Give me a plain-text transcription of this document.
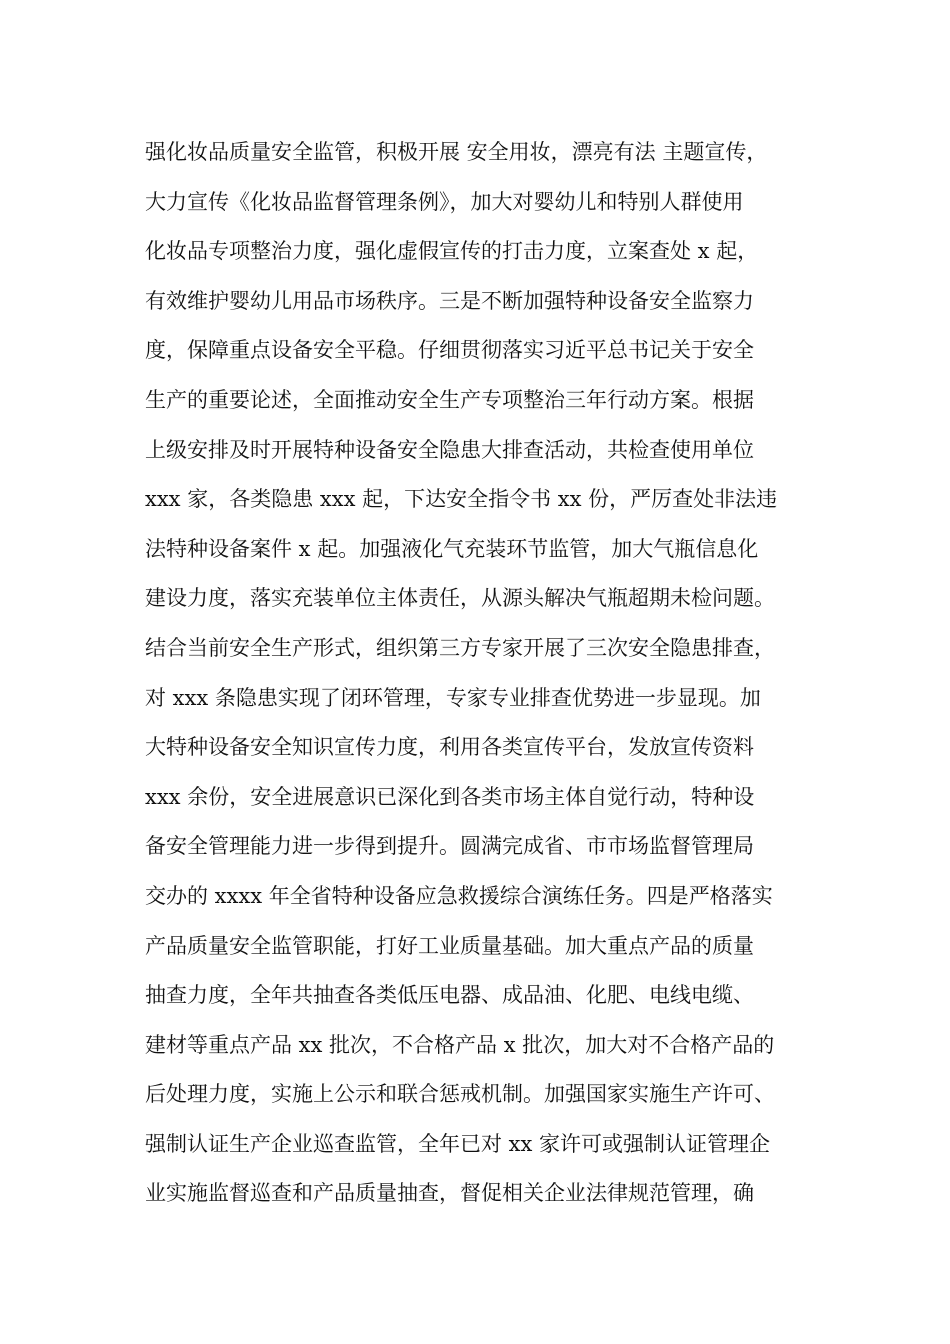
强化妆品质量安全监管，积极开展 安全用妆，漂亮有法 主题宣传，
大力宣传《化妆品监督管理条例》，加大对婴幼儿和特别人群使用
化妆品专项整治力度，强化虚假宣传的打击力度，立案查处 x 起，
有效维护婴幼儿用品市场秩序。三是不断加强特种设备安全监察力
度，保障重点设备安全平稳。仔细贯彻落实习近平总书记关于安全
生产的重要论述，全面推动安全生产专项整治三年行动方案。根据
上级安排及时开展特种设备安全隐患大排查活动，共检查使用单位
xxx 家，各类隐患 xxx 起，下达安全指令书 xx 份，严厉查处非法违
法特种设备案件 x 起。加强液化气充装环节监管，加大气瓶信息化
建设力度，落实充装单位主体责任，从源头解决气瓶超期未检问题。
结合当前安全生产形式，组织第三方专家开展了三次安全隐患排查，
对 xxx 条隐患实现了闭环管理，专家专业排查优势进一步显现。加
大特种设备安全知识宣传力度，利用各类宣传平台，发放宣传资料
xxx 余份，安全进展意识已深化到各类市场主体自觉行动，特种设
备安全管理能力进一步得到提升。圆满完成省、市市场监督管理局
交办的 xxxx 年全省特种设备应急救援综合演练任务。四是严格落实
产品质量安全监管职能，打好工业质量基础。加大重点产品的质量
抽查力度，全年共抽查各类低压电器、成品油、化肥、电线电缆、
建材等重点产品 xx 批次，不合格产品 x 批次，加大对不合格产品的
后处理力度，实施上公示和联合惩戒机制。加强国家实施生产许可、
强制认证生产企业巡查监管，全年已对 xx 家许可或强制认证管理企
业实施监督巡查和产品质量抽查，督促相关企业法律规范管理，确
